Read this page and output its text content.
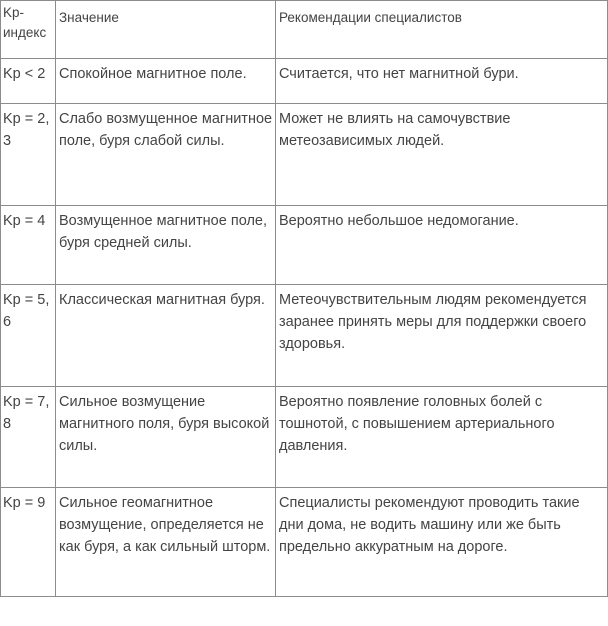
Kp-индекс	Значение	Рекомендации специалистов
Kp < 2	Спокойное магнитное поле.	Считается, что нет магнитной бури.
Kp = 2, 3	Слабо возмущенное магнитное поле, буря слабой силы.	Может не влиять на самочувствие метеозависимых людей.
Kp = 4	Возмущенное магнитное поле, буря средней силы.	Вероятно небольшое недомогание.
Kp = 5, 6	Классическая магнитная буря.	Метеочувствительным людям рекомендуется заранее принять меры для поддержки своего здоровья.
Kp = 7, 8	Сильное возмущение магнитного поля, буря высокой силы.	Вероятно появление головных болей с тошнотой, с повышением артериального давления.
Kp = 9	Сильное геомагнитное возмущение, определяется не как буря, а как сильный шторм.	Специалисты рекомендуют проводить такие дни дома, не водить машину или же быть предельно аккуратным на дороге.
